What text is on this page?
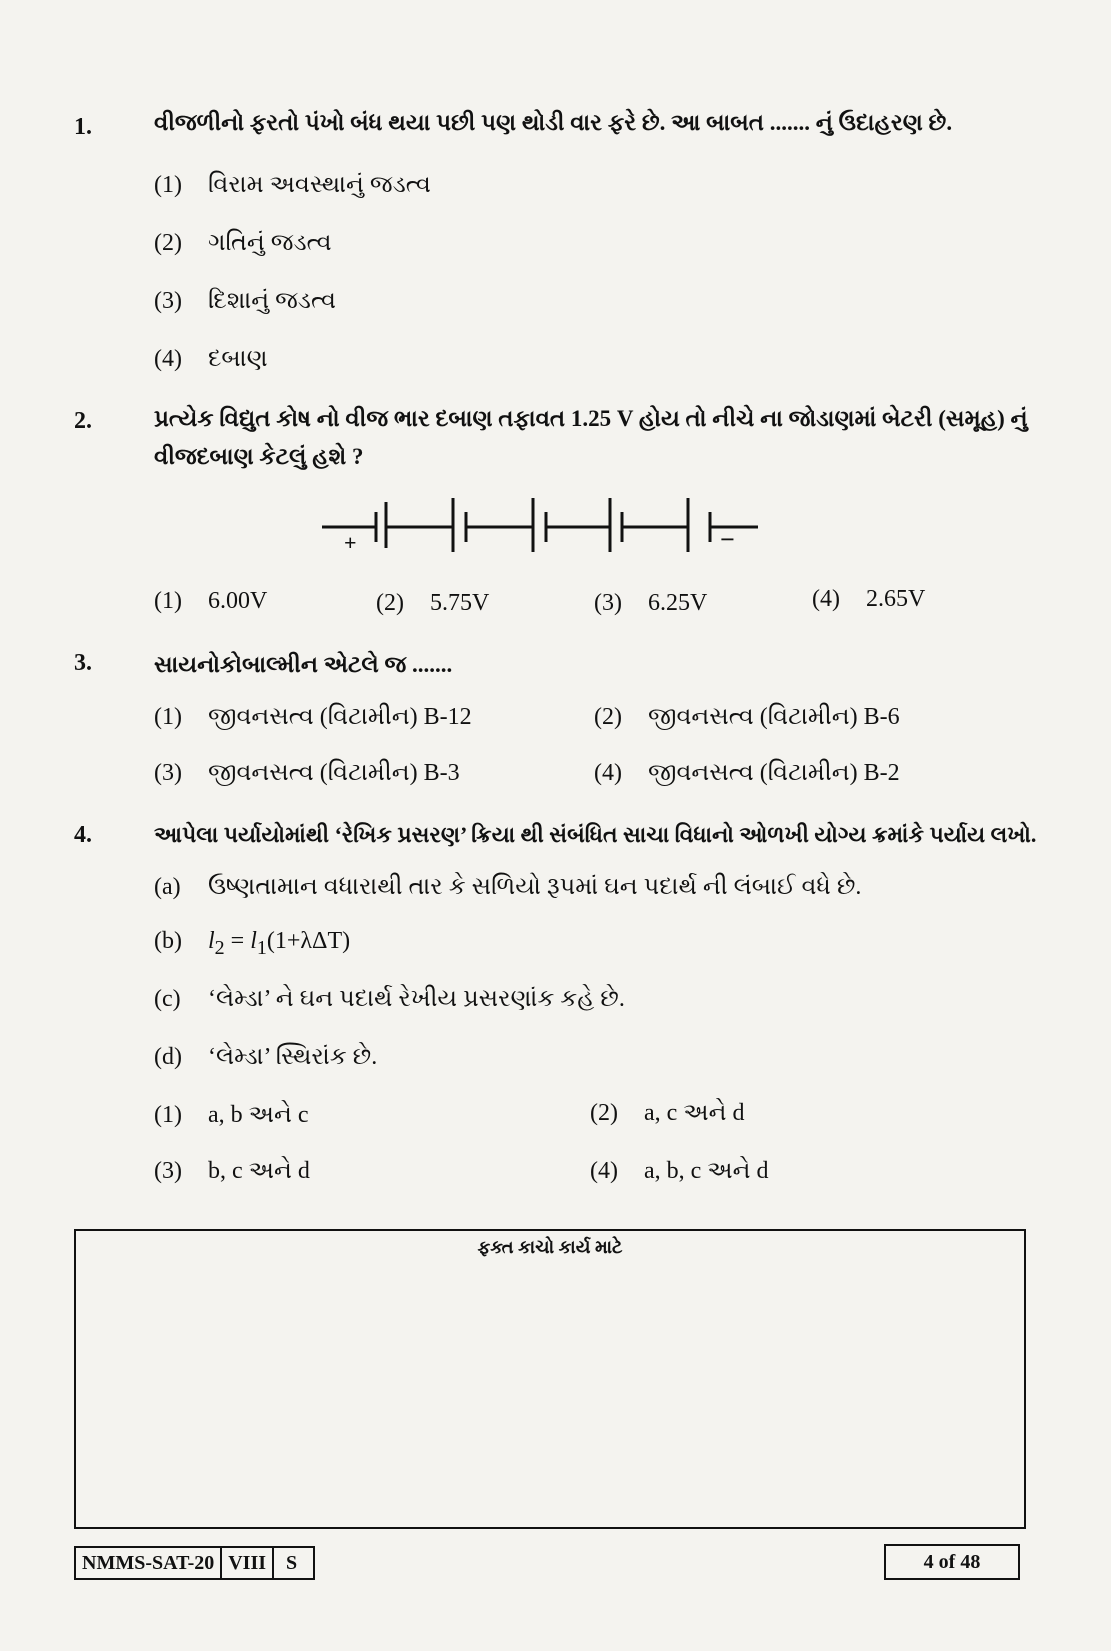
1.	વીજળીનો ફરતો પંખો બંધ થયા પછી પણ થોડી વાર ફરે છે. આ બાબત ....... નું ઉદાહરણ છે.
(1) વિરામ અવસ્થાનું જડત્વ
(2) ગતિનું જડત્વ
(3) દિશાનું જડત્વ
(4) દબાણ
2.	પ્રત્યેક વિદ્યુત કોષ નો વીજ ભાર દબાણ તફાવત 1.25 V હોય તો નીચે ના જોડાણમાં બેટરી (સમૂહ) નું
વીજદબાણ કેટલું હશે ?
+	−
(1) 6.00V	(2) 5.75V	(3) 6.25V	(4) 2.65V
3.	સાયનોકોબાલ્મીન એટલે જ .......
(1) જીવનસત્વ (વિટામીન) B-12	(2) જીવનસત્વ (વિટામીન) B-6
(3) જીવનસત્વ (વિટામીન) B-3	(4) જીવનસત્વ (વિટામીન) B-2
4.	આપેલા પર્યાયોમાંથી ‘રેખિક પ્રસરણ’ ક્રિયા થી સંબંધિત સાચા વિધાનો ઓળખી યોગ્ય ક્રમાંકે પર્યાય લખો.
(a) ઉષ્ણતામાન વધારાથી તાર કે સળિયો રૂપમાં ઘન પદાર્થ ની લંબાઈ વધે છે.
(b) $l_2 = l_1(1+\lambda\Delta T)$
(c) ‘લેમ્ડા’ ને ઘન પદાર્થ રેખીય પ્રસરણાંક કહે છે.
(d) ‘લેમ્ડા’ સ્થિરાંક છે.
(1) a, b અને c	(2) a, c અને d
(3) b, c અને d	(4) a, b, c અને d
ફક્ત કાચો કાર્ય માટે
NMMS-SAT-20 VIII	S	4 of 48
